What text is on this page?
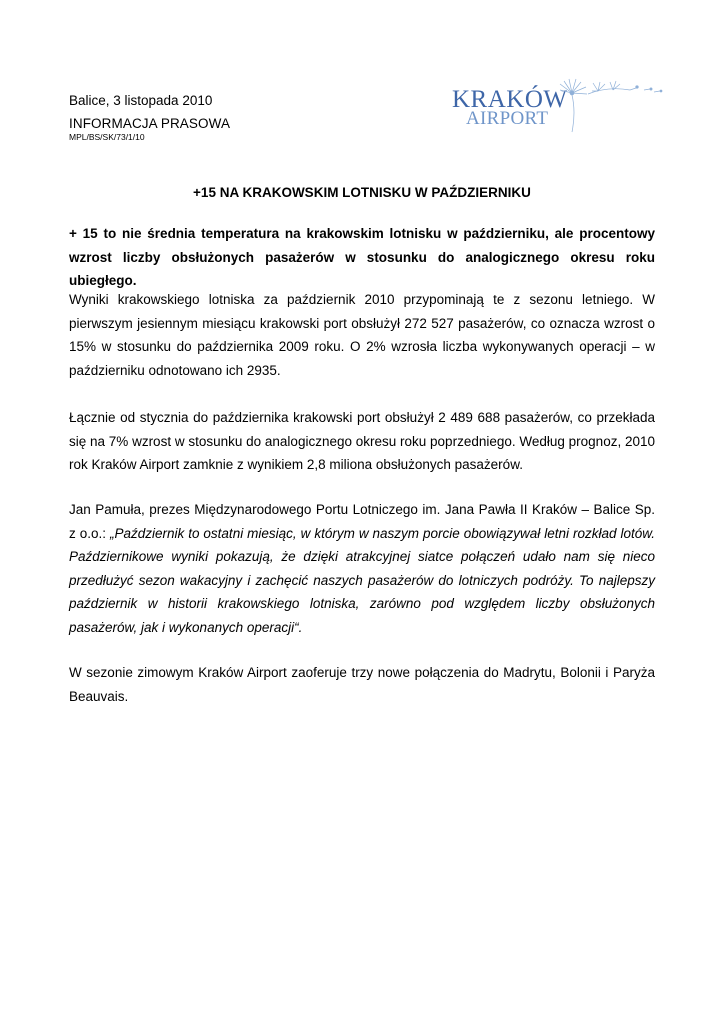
Balice, 3 listopada 2010

INFORMACJA PRASOWA

MPL/BS/SK/73/1/10

KRAKÓW
AIRPORT

+15 NA KRAKOWSKIM LOTNISKU W PAŹDZIERNIKU

+ 15 to nie średnia temperatura na krakowskim lotnisku w październiku, ale procentowy wzrost liczby obsłużonych pasażerów w stosunku do analogicznego okresu roku ubiegłego.

Wyniki krakowskiego lotniska za październik 2010 przypominają te z sezonu letniego. W pierwszym jesiennym miesiącu krakowski port obsłużył 272 527 pasażerów, co oznacza wzrost o 15% w stosunku do października 2009 roku. O 2% wzrosła liczba wykonywanych operacji – w październiku odnotowano ich 2935.

Łącznie od stycznia do października krakowski port obsłużył 2 489 688 pasażerów, co przekłada się na 7% wzrost w stosunku do analogicznego okresu roku poprzedniego. Według prognoz, 2010 rok Kraków Airport zamknie z wynikiem 2,8 miliona obsłużonych pasażerów.

Jan Pamuła, prezes Międzynarodowego Portu Lotniczego im. Jana Pawła II Kraków – Balice Sp. z o.o.: „Październik to ostatni miesiąc, w którym w naszym porcie obowiązywał letni rozkład lotów. Październikowe wyniki pokazują, że dzięki atrakcyjnej siatce połączeń udało nam się nieco przedłużyć sezon wakacyjny i zachęcić naszych pasażerów do lotniczych podróży. To najlepszy październik w historii krakowskiego lotniska, zarówno pod względem liczby obsłużonych pasażerów, jak i wykonanych operacji“.

W sezonie zimowym Kraków Airport zaoferuje trzy nowe połączenia do Madrytu, Bolonii i Paryża Beauvais.
